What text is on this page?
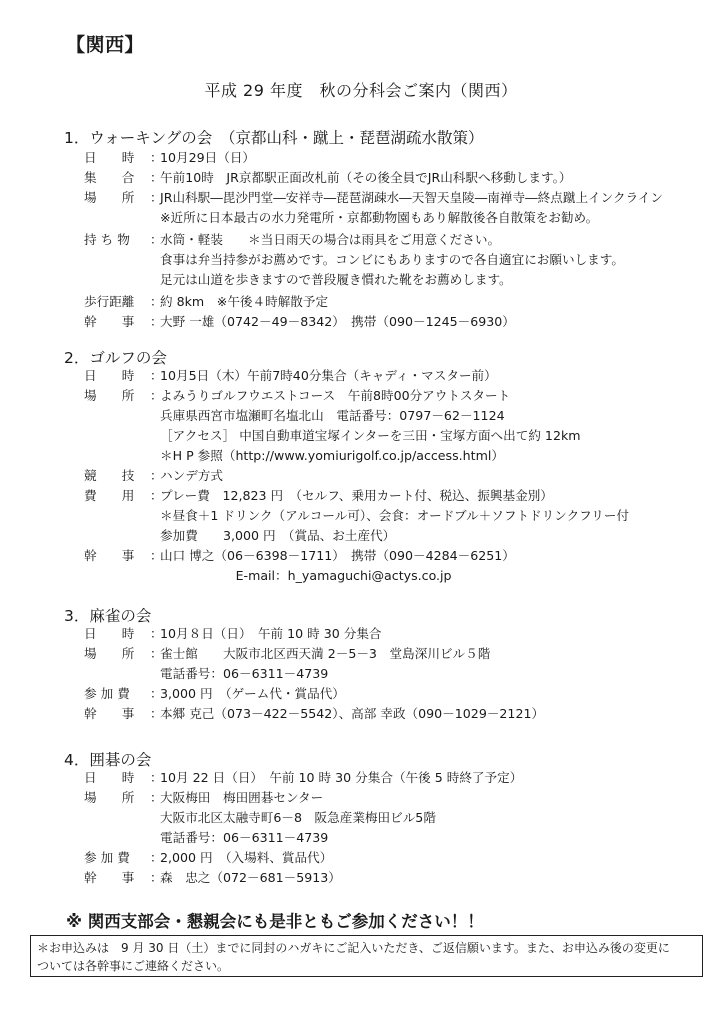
【関西】
平成 29 年度　秋の分科会ご案内（関西）
1．ウォーキングの会　（京都山科・蹴上・琵琶湖疏水散策）
日　　時 ：10月29日（日）
集　　合 ：午前10時　JR京都駅正面改札前（その後全員でJR山科駅へ移動します。）
場　　所 ：JR山科駅―毘沙門堂―安祥寺―琵琶湖疎水―天智天皇陵―南禅寺―終点蹴上インクライン
※近所に日本最古の水力発電所・京都動物園もあり解散後各自散策をお勧め。
持 ち 物 ：水筒・軽装　　＊当日雨天の場合は雨具をご用意ください。
食事は弁当持参がお薦めです。コンビにもありますので各自適宜にお願いします。
足元は山道を歩きますので普段履き慣れた靴をお薦めします。
歩行距離 ：約 8km　※午後４時解散予定
幹　　事 ：大野 一雄（0742－49－8342）　携帯（090－1245－6930）
2．ゴルフの会
日　　時 ：10月5日（木）午前7時40分集合（キャディ・マスター前）
場　　所 ：よみうりゴルフウエストコース　午前8時00分アウトスタート
兵庫県西宮市塩瀬町名塩北山　電話番号：0797－62－1124
［アクセス］ 中国自動車道宝塚インターを三田・宝塚方面へ出て約 12km
＊H P 参照（http://www.yomiurigolf.co.jp/access.html）
競　　技 ：ハンデ方式
費　　用 ：プレー費　12,823 円　（セルフ、乗用カート付、税込、振興基金別）
＊昼食＋1 ドリンク（アルコール可）、会食：オードブル＋ソフトドリンクフリー付
参加費　　3,000 円　（賞品、お土産代）
幹　　事 ：山口 博之（06－6398－1711）　携帯（090－4284－6251）
　　　　　　E-mail：h_yamaguchi@actys.co.jp
3．麻雀の会
日　　時 ：10月８日（日）　午前 10 時 30 分集合
場　　所 ：雀士館　　大阪市北区西天満 2－5－3　堂島深川ビル５階
電話番号：06－6311－4739
参 加 費 ：3,000 円　（ゲーム代・賞品代）
幹　　事 ：本郷 克己（073－422－5542）、高部 幸政（090－1029－2121）
4．囲碁の会
日　　時 ：10月 22 日（日）　午前 10 時 30 分集合（午後 5 時終了予定）
場　　所 ：大阪梅田　梅田囲碁センター
大阪市北区太融寺町6－8　阪急産業梅田ビル5階
電話番号：06－6311－4739
参 加 費 ：2,000 円　（入場料、賞品代）
幹　　事 ：森　忠之（072－681－5913）
※ 関西支部会・懇親会にも是非ともご参加ください！！
＊お申込みは　9 月 30 日（土）までに同封のハガキにご記入いただき、ご返信願います。また、お申込み後の変更に
ついては各幹事にご連絡ください。
